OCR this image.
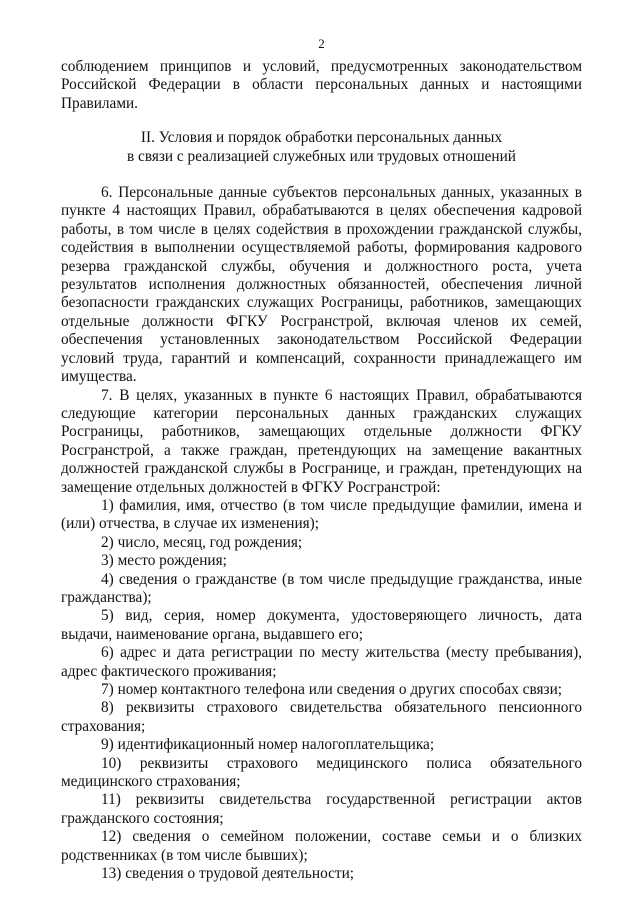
2

соблюдением принципов и условий, предусмотренных законодательством Российской Федерации в области персональных данных и настоящими Правилами.

II. Условия и порядок обработки персональных данных
в связи с реализацией служебных или трудовых отношений

6. Персональные данные субъектов персональных данных, указанных в пункте 4 настоящих Правил, обрабатываются в целях обеспечения кадровой работы, в том числе в целях содействия в прохождении гражданской службы, содействия в выполнении осуществляемой работы, формирования кадрового резерва гражданской службы, обучения и должностного роста, учета результатов исполнения должностных обязанностей, обеспечения личной безопасности гражданских служащих Росграницы, работников, замещающих отдельные должности ФГКУ Росгранстрой, включая членов их семей, обеспечения установленных законодательством Российской Федерации условий труда, гарантий и компенсаций, сохранности принадлежащего им имущества.

7. В целях, указанных в пункте 6 настоящих Правил, обрабатываются следующие категории персональных данных гражданских служащих Росграницы, работников, замещающих отдельные должности ФГКУ Росгранстрой, а также граждан, претендующих на замещение вакантных должностей гражданской службы в Росгранице, и граждан, претендующих на замещение отдельных должностей в ФГКУ Росгранстрой:

1) фамилия, имя, отчество (в том числе предыдущие фамилии, имена и (или) отчества, в случае их изменения);

2) число, месяц, год рождения;

3) место рождения;

4) сведения о гражданстве (в том числе предыдущие гражданства, иные гражданства);

5) вид, серия, номер документа, удостоверяющего личность, дата выдачи, наименование органа, выдавшего его;

6) адрес и дата регистрации по месту жительства (месту пребывания), адрес фактического проживания;

7) номер контактного телефона или сведения о других способах связи;

8) реквизиты страхового свидетельства обязательного пенсионного страхования;

9) идентификационный номер налогоплательщика;

10) реквизиты страхового медицинского полиса обязательного медицинского страхования;

11) реквизиты свидетельства государственной регистрации актов гражданского состояния;

12) сведения о семейном положении, составе семьи и о близких родственниках (в том числе бывших);

13) сведения о трудовой деятельности;
